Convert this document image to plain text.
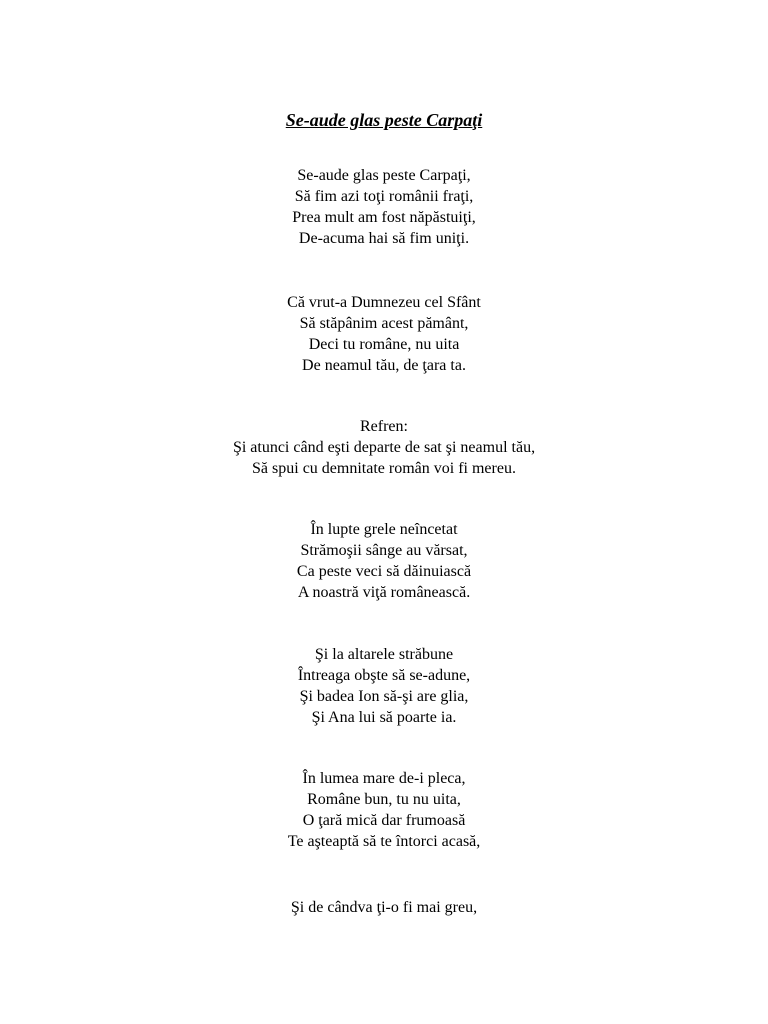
Se-aude glas peste Carpaţi
Se-aude glas peste Carpaţi,
Să fim azi toţi românii fraţi,
Prea mult am fost năpăstuiţi,
De-acuma hai să fim uniţi.
Că vrut-a Dumnezeu cel Sfânt
Să stăpânim acest pământ,
Deci tu române, nu uita
De neamul tău, de ţara ta.
Refren:
Şi atunci când eşti departe de sat şi neamul tău,
Să spui cu demnitate român voi fi mereu.
În lupte grele neîncetat
Strămoşii sânge au vărsat,
Ca peste veci să dăinuiască
A noastră viţă românească.
Şi la altarele străbune
Întreaga obşte să se-adune,
Şi badea Ion să-şi are glia,
Şi Ana lui să poarte ia.
În lumea mare de-i pleca,
Române bun, tu nu uita,
O ţară mică dar frumoasă
Te aşteaptă să te întorci acasă,
Şi de cândva ţi-o fi mai greu,
